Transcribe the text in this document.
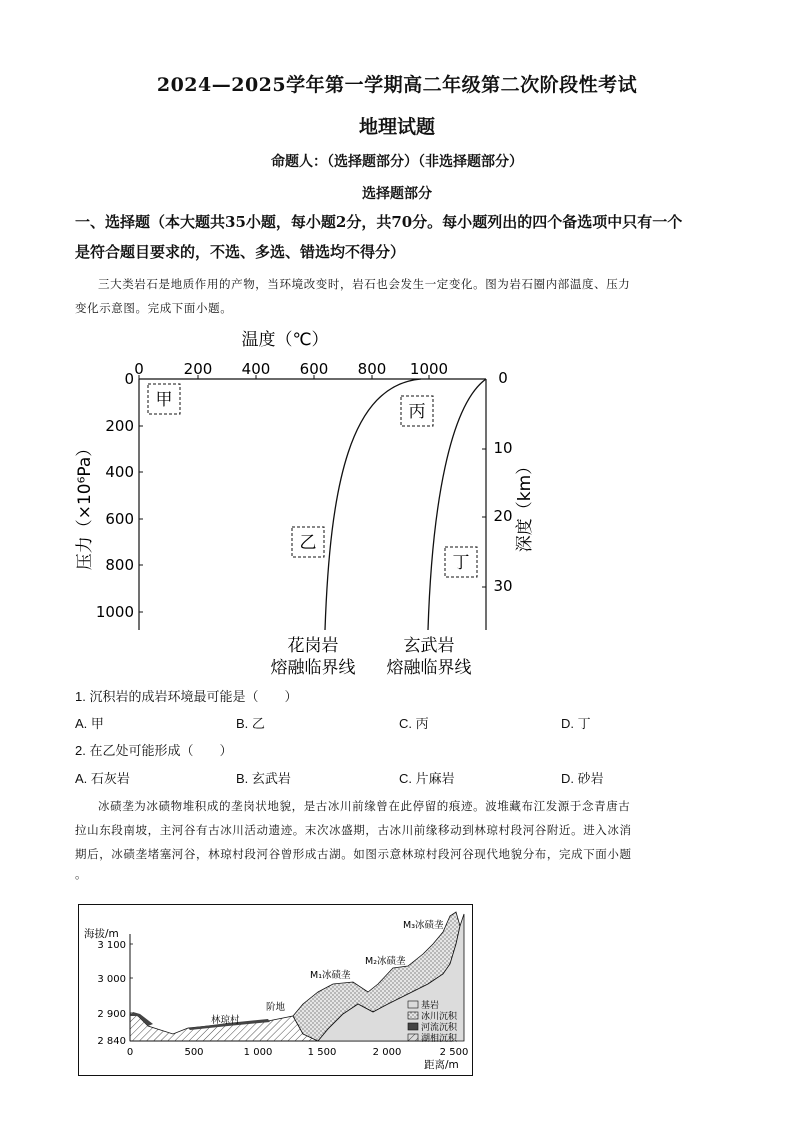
2024—2025学年第一学期高二年级第二次阶段性考试
地理试题
命题人：（选择题部分）（非选择题部分）
选择题部分
一、选择题（本大题共35小题，每小题2分，共70分。每小题列出的四个备选项中只有一个
是符合题目要求的，不选、多选、错选均不得分）
三大类岩石是地质作用的产物，当环境改变时，岩石也会发生一定变化。图为岩石圈内部温度、压力
变化示意图。完成下面小题。
温度（℃）
0	200 400 600 800 1000
0
200
400
600
800
1000
压力（×10⁶Pa）
0
10
20
30
深度（km）
甲
丙
乙
丁
花岗岩
熔融临界线
玄武岩
熔融临界线
1. 沉积岩的成岩环境最可能是（　　）
A. 甲	B. 乙	C. 丙	D. 丁
2. 在乙处可能形成（　　）
A. 石灰岩	B. 玄武岩	C. 片麻岩	D. 砂岩
冰碛垄为冰碛物堆积成的垄岗状地貌，是古冰川前缘曾在此停留的痕迹。波堆藏布江发源于念青唐古
拉山东段南坡，主河谷有古冰川活动遗迹。末次冰盛期，古冰川前缘移动到林琼村段河谷附近。进入冰消
期后，冰碛垄堵塞河谷，林琼村段河谷曾形成古湖。如图示意林琼村段河谷现代地貌分布，完成下面小题
。
海拔/m
3 100
3 000
2 900
2 840
0	500	1 000	1 500	2 000	2 500
距离/m
林琼村
阶地
M₁冰碛垄
M₂冰碛垄
M₃冰碛垄
基岩
冰川沉积
河流沉积
湖相沉积
